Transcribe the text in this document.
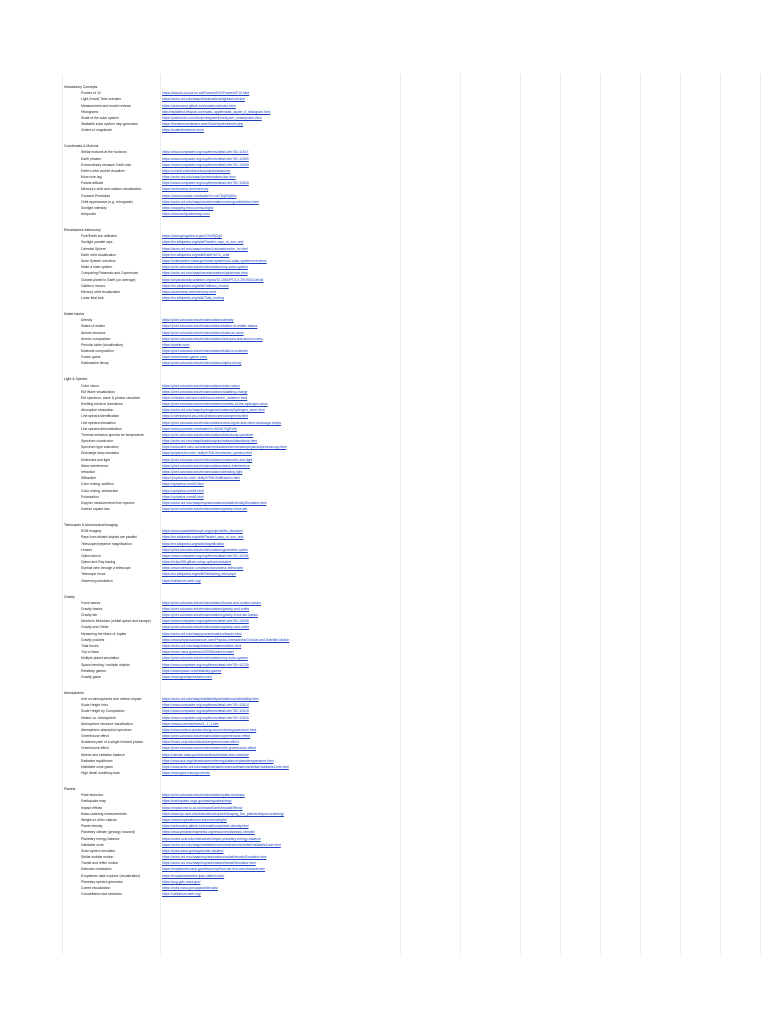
Introductory Concepts
Powers of 10	https://www.ru.ucnuz.es.ca/PowersOf10/Powers0F10.html
Light-Arrival Time scenario	https://astro.unl.edu/naap/ltt/animations/lightarrival.html
Measurement and model reviews	https://astronomy.github.io/simulations/index.html
Histograms	http://digitalfirst.bfwpub.com/stats_applet/stats_applet_8_histogram.html
Scale of the solar system	https://joshworth.com/dev/pixelspace/pixelspace_solarsystem.html
Walkable solar system map generator	https://thealexcoordinator.com/SolarSystemModel.php
Orders of magnitude	https://scaleofuniverse.com/
Coordinates & Motions
Stellar motions at the horizons	https://www.compadre.org/osp/items/detail.cfm?ID=11617
Earth phases	https://www.compadre.org/osp/items/detail.cfm?ID=12650
Extraordinary measure Earth size	https://www.compadre.org/osp/items/detail.cfm?ID=13005
Earth's orbit and tilt visualizer	https://ccnmtl.columbia.edu/projects/seasons/
Moon rise-lag	https://astro.unl.edu/naap/lps/animations/lps.html
Polaris altitude	https://www.compadre.org/osp/items/detail.cfm?ID=12628
Mercury's orbit and rotation visualization	https://astronomy.com/mercury
Foucault Pendulum	https://www.youtube.com/watch?v=ue7DqRAj2Nc
Orbit appearance (e.g. retrograde)	https://astro.unl.edu/naap/ssm/animations/retrogradeMotion.html
Sunlight intensity	https://mapping.html.com/sunlight/
Antipodes	https://www.antipodesmap.com/
Renaissance Astronomy
Pole/Earth sun altitudes	https://www.geogebra.org/m/ZXWfQ2g3
Sunlight parallel rays	https://en.wikipedia.org/wiki/Parallel_rays_of_sun_and
Celestial Sphere	https://astro.unl.edu/naap/motion1/animations/ce_hc.html
Earth orbit visualization	https://en.wikipedia.org/wiki/Earth%27s_orbit
Solar System overview	https://solarsystem.nasa.gov/solar-system/our-solar-system/overview/
Make a solar system	https://phet.colorado.edu/en/simulations/my-solar-system
Comparing Ptolemaic and Copernican	https://astro.unl.edu/naap/ssm/animations/ptolemaic.html
Closest planet to Earth (on average)	https://physicstoday.scitation.org/do/10.1063/PT.6.3.20190312a/full/
Galileo's moons	https://en.wikipedia.org/wiki/Galilean_moons
Mercury orbit visualization	https://astronomy.com/mercury-orbit
Lunar tidal lock	https://en.wikipedia.org/wiki/Tidal_locking
Matter basics
Density	https://phet.colorado.edu/en/simulations/density
States of matter	https://phet.colorado.edu/en/simulations/states-of-matter-basics
Atomic structure	https://phet.colorado.edu/en/simulations/build-an-atom
Atomic composition	https://phet.colorado.edu/en/simulations/isotopes-and-atomic-mass
Periodic table (visualization)	https://ptable.com/
Molecule composition	https://phet.colorado.edu/en/simulations/build-a-molecule
Fusion game	https://www.fusion-game.com/
Radioactive decay	https://phet.colorado.edu/en/simulations/alpha-decay
Light & Spectra
Color vision	https://phet.colorado.edu/en/simulations/color-vision
EM Wave visualization	https://phet.colorado.edu/en/simulations/radiating-charge
EM spectrum, wave & photon visualizer	https://chandra.harvard.edu/resources/em_radiation.html
Emitting electron transitions	https://phet.colorado.edu/en/simulations/models-of-the-hydrogen-atom
Absorption simulation	https://astro.unl.edu/naap/hydrogen/animations/hydrogen_atom.html
Line spectra identification	https://chemistry.bd.psu.edu/jircitano/periodicspectra.html
Line spectra simulation	https://phet.colorado.edu/en/simulations/neon-lights-and-other-discharge-lamps
Line spectra demonstration	https://www.youtube.com/watch?v=5ZhE7ZgPxKk
Thermal emission spectra for temperature	https://phet.colorado.edu/en/simulations/blackbody-spectrum
Spectrum constructor	https://astro.unl.edu/naap/blackbody/animations/blackbody.html
Spectrum type animation	https://www.atnf.csiro.au/outreach/education/senior/astrophysics/spectroscopy.html
Discharge lamp simulator	https://physics.bu.edu/~duffy/HTML5/emission_spectra.html
Molecules and light	https://phet.colorado.edu/en/simulations/molecules-and-light
Wave interference	https://phet.colorado.edu/en/simulations/wave-interference
refraction	https://phet.colorado.edu/en/simulations/bending-light
Diffraction	https://physics.bu.edu/~duffy/HTML5/diffraction.html
Color mixing, addition	https://ophysics.com/l2.html
Color mixing, subtraction	https://ophysics.com/l3.html
Polarization	https://ophysics.com/l5.html
Doppler measurement from spectra	https://astro.unl.edu/naap/esp/animations/radialVelocitySimulator.html
Inverse square law	https://phet.colorado.edu/en/simulations/gravity-force-lab
Telescopes & Astronomical Imaging
RGB imaging	https://www.spacetelescope.org/projects/fits_liberator/
Rays from distant objects are parallel	https://en.wikipedia.org/wiki/Parallel_rays_of_sun_and
Telescope/eyepiece magnification	https://en.wikipedia.org/wiki/Magnification
Lenses	https://phet.colorado.edu/en/simulations/geometric-optics
Optics bench	https://www.compadre.org/osp/items/detail.cfm?ID=10331
Optics and Ray tracing	https://ricktu288.github.io/ray-optics/simulator/
Eyeball view through a telescope	https://www.stelvision.com/astro/simulateur-telescope/
Telescope focus	https://en.wikipedia.org/wiki/Refracting_telescope
Observing simulation	https://stellarium-web.org/
Gravity
Force basics	https://phet.colorado.edu/en/simulations/forces-and-motion-basics
Gravity basics	https://phet.colorado.edu/en/simulations/gravity-and-orbits
Gravity lab	https://phet.colorado.edu/en/simulations/gravity-force-lab-basics
Newton's Mountain (orbital speed and escape)	https://www.compadre.org/osp/items/detail.cfm?ID=13008
Gravity and Orbits	https://phet.colorado.edu/en/simulations/gravity-and-orbits
Measuring the Mass of Jupiter	https://astro.unl.edu/naap/pos/animations/kepler.html
Gravity pockets	https://www.physicsclassroom.com/Physics-Interactives/Circular-and-Satellite-Motion
Tidal forces	https://astro.unl.edu/naap/tides/animations/tides.html
Trip to Mars	https://mars.nasa.gov/mars2020/timeline/cruise/
Multiple planet simulation	https://phet.colorado.edu/en/simulations/my-solar-system
Space bending / multiple objects	https://www.compadre.org/osp/items/detail.cfm?ID=12725
Relativity games	https://www.space.com/relativity-games
Gravity game	https://www.gravitysimulator.com/
Atmospheres
Unit on atmospheres and meteor impact	https://astro.unl.edu/naap/habitability/animations/habitability.html
Scale Height Intro	https://www.compadre.org/osp/items/detail.cfm?ID=12614
Scale Height by Composition	https://www.compadre.org/osp/items/detail.cfm?ID=12615
Meteor vs. Atmosphere	https://www.compadre.org/osp/items/detail.cfm?ID=12616
Atmosphere structure visualization	https://www.ucar.edu/learn/1_1_1.htm
Atmospheric absorption spectrum	https://www.meteor.iastate.edu/gccourse/forcing/spectrum.html
Greenhouse effect	https://phet.colorado.edu/en/simulations/greenhouse-effect
Scattered path of a single infrared photon	https://scied.ucar.edu/interactive/greenhouse-effect
Greenhouse effect	https://phet.colorado.edu/en/simulations/the-greenhouse-effect
Albedo and radiative balance	https://climate.nasa.gov/interactives/climate-time-machine
Radiative equilibrium	https://www.acs.org/climatescience/energybalance/planettemperature.html
Habitable zone game	https://www.astro.unl.edu/naap/habitablezones/animations/stellarHabitableZone.html
High detail modeling tools	https://www.giss.nasa.gov/tools/
Planets
Plate tectonics	https://phet.colorado.edu/en/simulations/plate-tectonics
Earthquake map	https://earthquake.usgs.gov/earthquakes/map/
Impact effects	https://impact.ese.ic.ac.uk/ImpactEarth/ImpactEffects/
Mass-cratering measurements	https://www.lpi.usra.edu/education/explore/shaping_the_planets/impact-cratering/
Weight on other objects	https://www.exploratorium.edu/ronh/weight/
Planet density	https://astronomy.github.io/simulations/planet-density.html
Planetary climate (geology focused)	https://www.pbslearningmedia.org/resource/planetary-climate/
Planetary energy balance	https://scied.ucar.edu/interactive/simple-planetary-energy-balance
Habitable zone	https://astro.unl.edu/naap/habitablezones/animations/stellarHabitableZone.html
Solar system simulator	https://eyes.nasa.gov/apps/solar-system/
Stellar wobble motion	https://astro.unl.edu/naap/esp/animations/radialVelocitySimulator.html
Transit and reflex motion	https://astro.unl.edu/naap/esp/animations/transitSimulator.html
Detection simulation	https://exoplanets.nasa.gov/discovery/how-we-find-and-characterize/
Exoplanets data explorer (visualization)	https://exoplanetarchive.ipac.caltech.edu/
Planetary spectra generator	https://psg.gsfc.nasa.gov/
Comet visualization	https://eyes.nasa.gov/apps/asteroids/
Constellation star simulator	https://stellarium-web.org/
